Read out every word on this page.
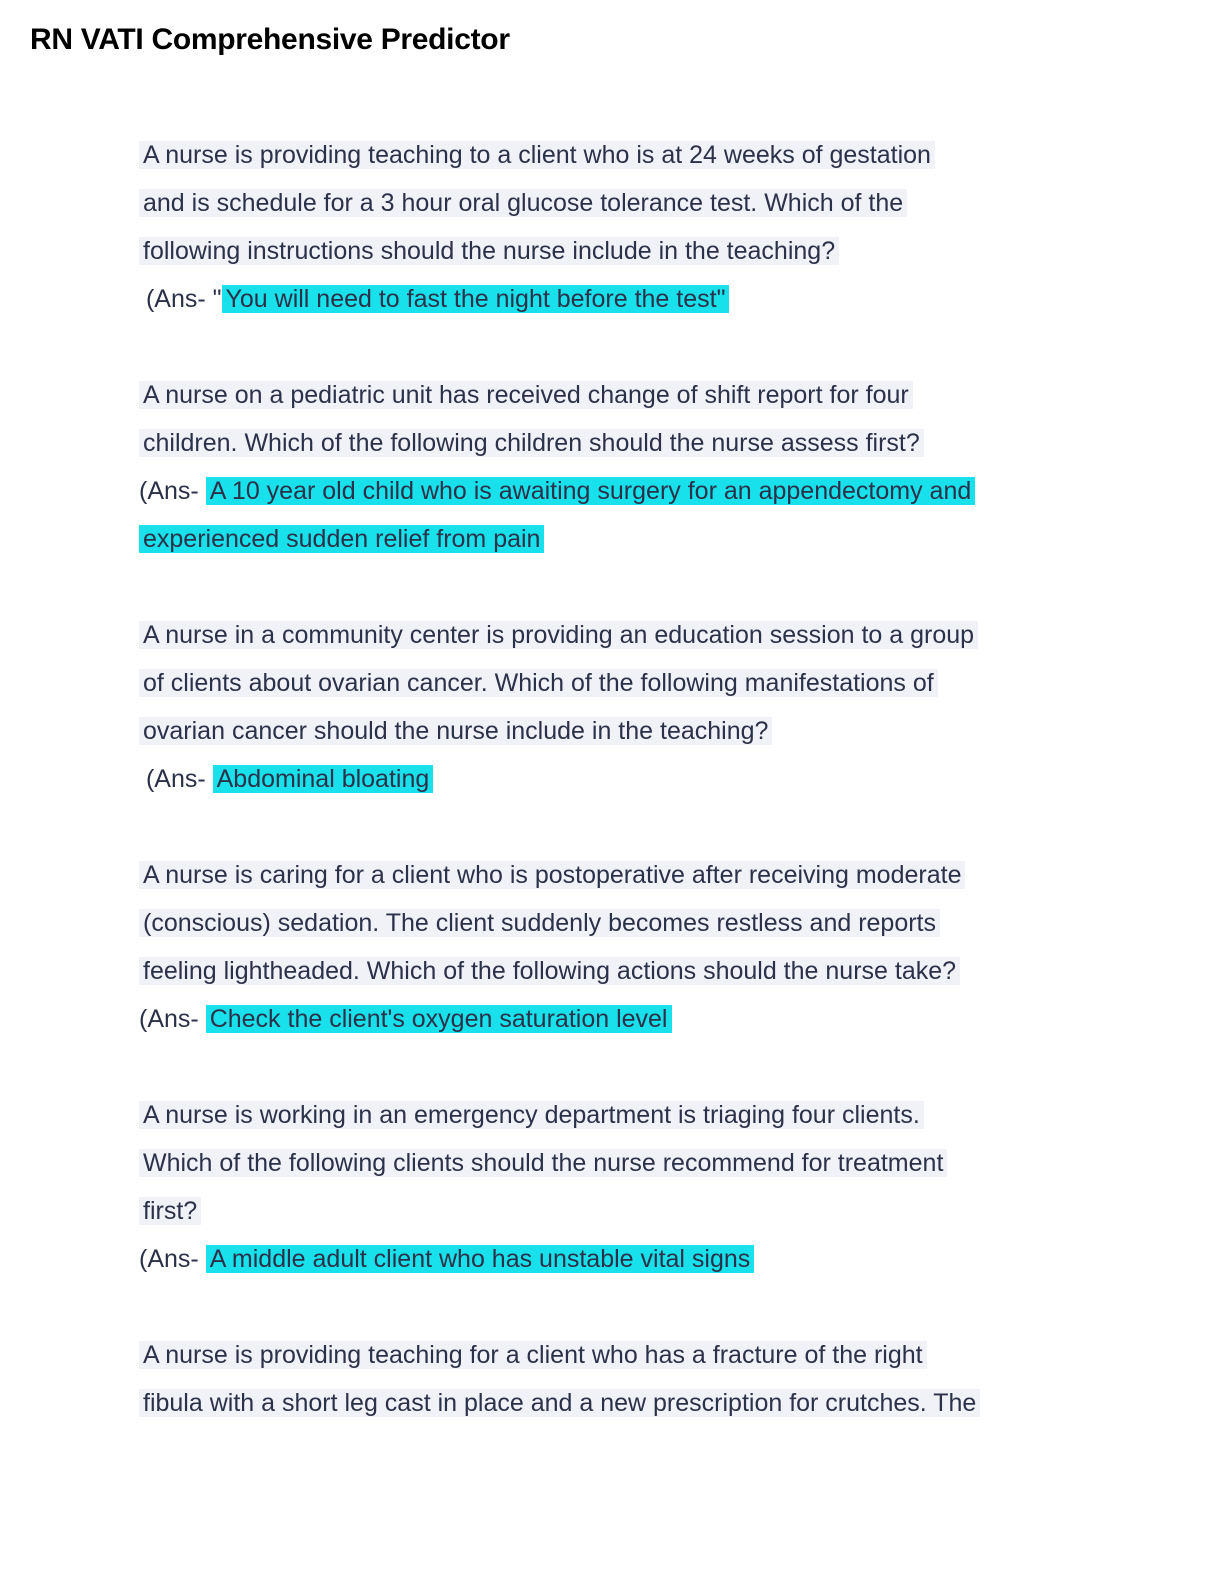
RN VATI Comprehensive Predictor
A nurse is providing teaching to a client who is at 24 weeks of gestation
and is schedule for a 3 hour oral glucose tolerance test. Which of the
following instructions should the nurse include in the teaching?
(Ans- " You will need to fast the night before the test"
A nurse on a pediatric unit has received change of shift report for four
children. Which of the following children should the nurse assess first?
(Ans- A 10 year old child who is awaiting surgery for an appendectomy and
experienced sudden relief from pain
A nurse in a community center is providing an education session to a group
of clients about ovarian cancer. Which of the following manifestations of
ovarian cancer should the nurse include in the teaching?
(Ans- Abdominal bloating
A nurse is caring for a client who is postoperative after receiving moderate
(conscious) sedation. The client suddenly becomes restless and reports
feeling lightheaded. Which of the following actions should the nurse take?
(Ans- Check the client's oxygen saturation level
A nurse is working in an emergency department is triaging four clients.
Which of the following clients should the nurse recommend for treatment
first?
(Ans- A middle adult client who has unstable vital signs
A nurse is providing teaching for a client who has a fracture of the right
fibula with a short leg cast in place and a new prescription for crutches. The
